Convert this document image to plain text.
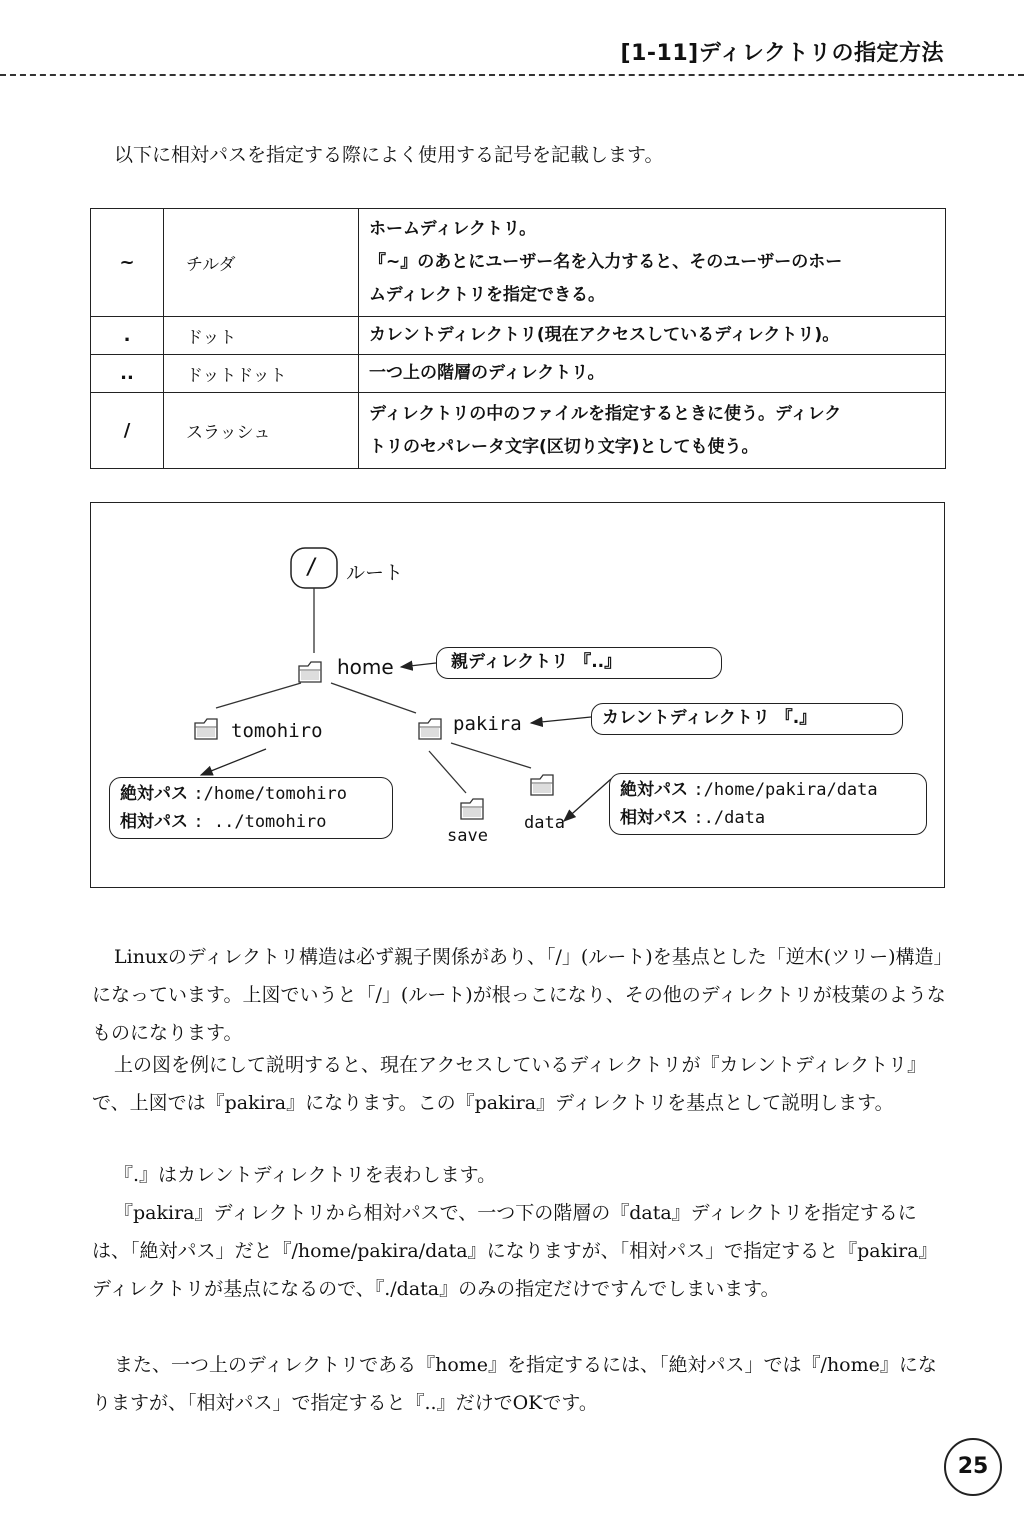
[1-11]ディレクトリの指定方法
以下に相対パスを指定する際によく使用する記号を記載します。
~	チルダ	ホームディレクトリ。
『~』のあとにユーザー名を入力すると、そのユーザーのホー
ムディレクトリを指定できる。

.	ドット	カレントディレクトリ(現在アクセスしているディレクトリ)。

..	ドットドット	一つ上の階層のディレクトリ。

/	スラッシュ	ディレクトリの中のファイルを指定するときに使う。ディレク
トリのセパレータ文字(区切り文字)としても使う。
/ ルート
home
tomohiro	pakira
save
data
親ディレクトリ 『..』
カレントディレクトリ 『.』
絶対パス :/home/tomohiro
相対パス : ../tomohiro
絶対パス :/home/pakira/data
相対パス :./data
Linuxのディレクトリ構造は必ず親子関係があり、「/」(ルート)を基点とした「逆木(ツリー)構造」になっています。上図でいうと「/」(ルート)が根っこになり、その他のディレクトリが枝葉のようなものになります。
上の図を例にして説明すると、現在アクセスしているディレクトリが『カレントディレクトリ』で、上図では『pakira』になります。この『pakira』ディレクトリを基点として説明します。
『.』はカレントディレクトリを表わします。
『pakira』ディレクトリから相対パスで、一つ下の階層の『data』ディレクトリを指定するには、「絶対パス」だと『/home/pakira/data』になりますが、「相対パス」で指定すると『pakira』ディレクトリが基点になるので、『./data』のみの指定だけですんでしまいます。
また、一つ上のディレクトリである『home』を指定するには、「絶対パス」では『/home』になりますが、「相対パス」で指定すると『..』だけでOKです。
25
